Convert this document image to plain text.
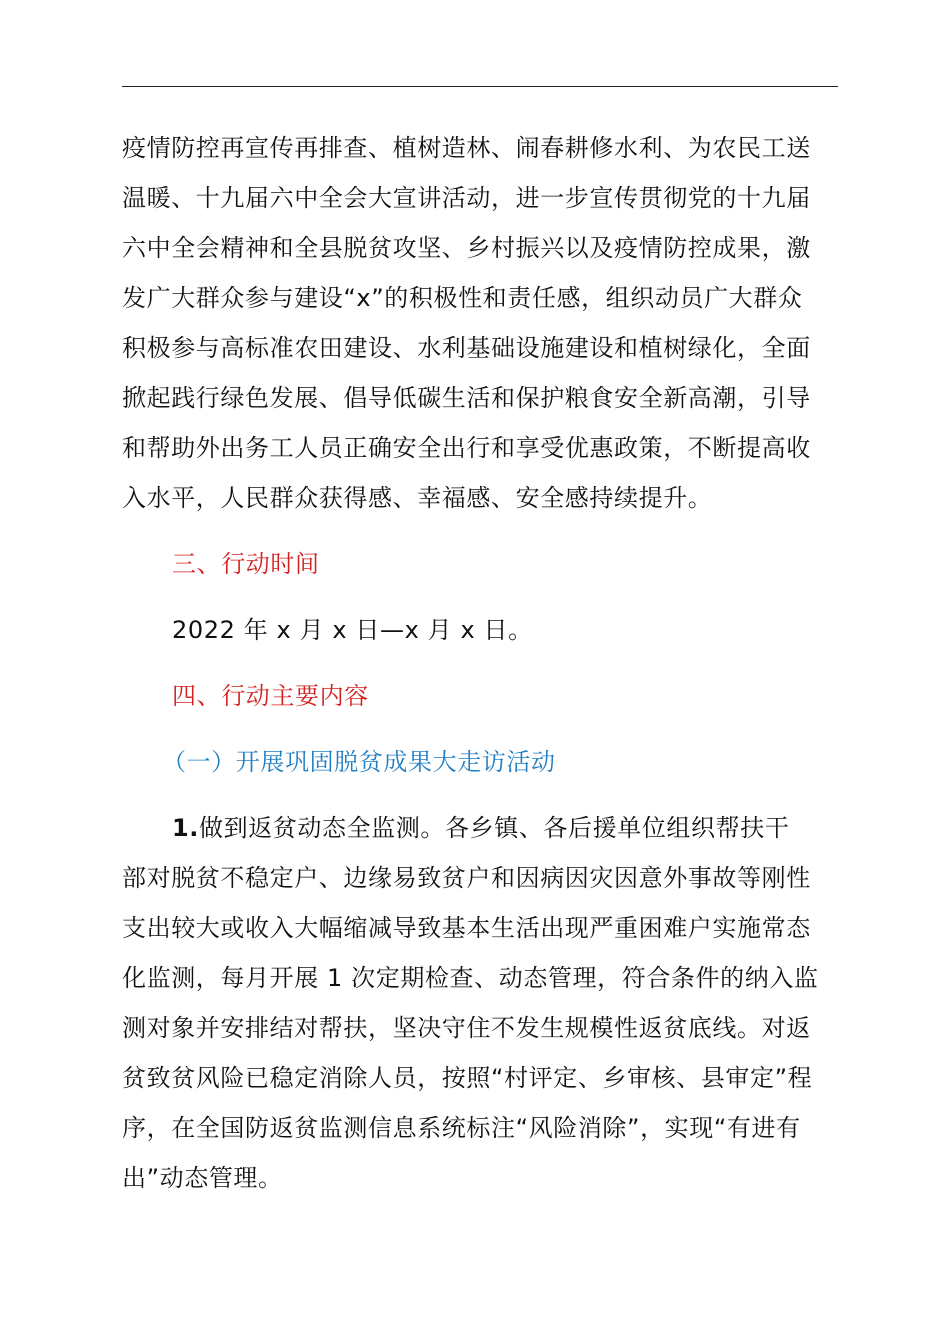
疫情防控再宣传再排查、植树造林、闹春耕修水利、为农民工送
温暖、十九届六中全会大宣讲活动，进一步宣传贯彻党的十九届
六中全会精神和全县脱贫攻坚、乡村振兴以及疫情防控成果，激
发广大群众参与建设“x”的积极性和责任感，组织动员广大群众
积极参与高标准农田建设、水利基础设施建设和植树绿化，全面
掀起践行绿色发展、倡导低碳生活和保护粮食安全新高潮，引导
和帮助外出务工人员正确安全出行和享受优惠政策，不断提高收
入水平，人民群众获得感、幸福感、安全感持续提升。
三、行动时间
2022 年 x 月 x 日—x 月 x 日。
四、行动主要内容
（一）开展巩固脱贫成果大走访活动
1.做到返贫动态全监测。各乡镇、各后援单位组织帮扶干
部对脱贫不稳定户、边缘易致贫户和因病因灾因意外事故等刚性
支出较大或收入大幅缩减导致基本生活出现严重困难户实施常态
化监测，每月开展 1 次定期检查、动态管理，符合条件的纳入监
测对象并安排结对帮扶，坚决守住不发生规模性返贫底线。对返
贫致贫风险已稳定消除人员，按照“村评定、乡审核、县审定”程
序，在全国防返贫监测信息系统标注“风险消除”，实现“有进有
出”动态管理。
